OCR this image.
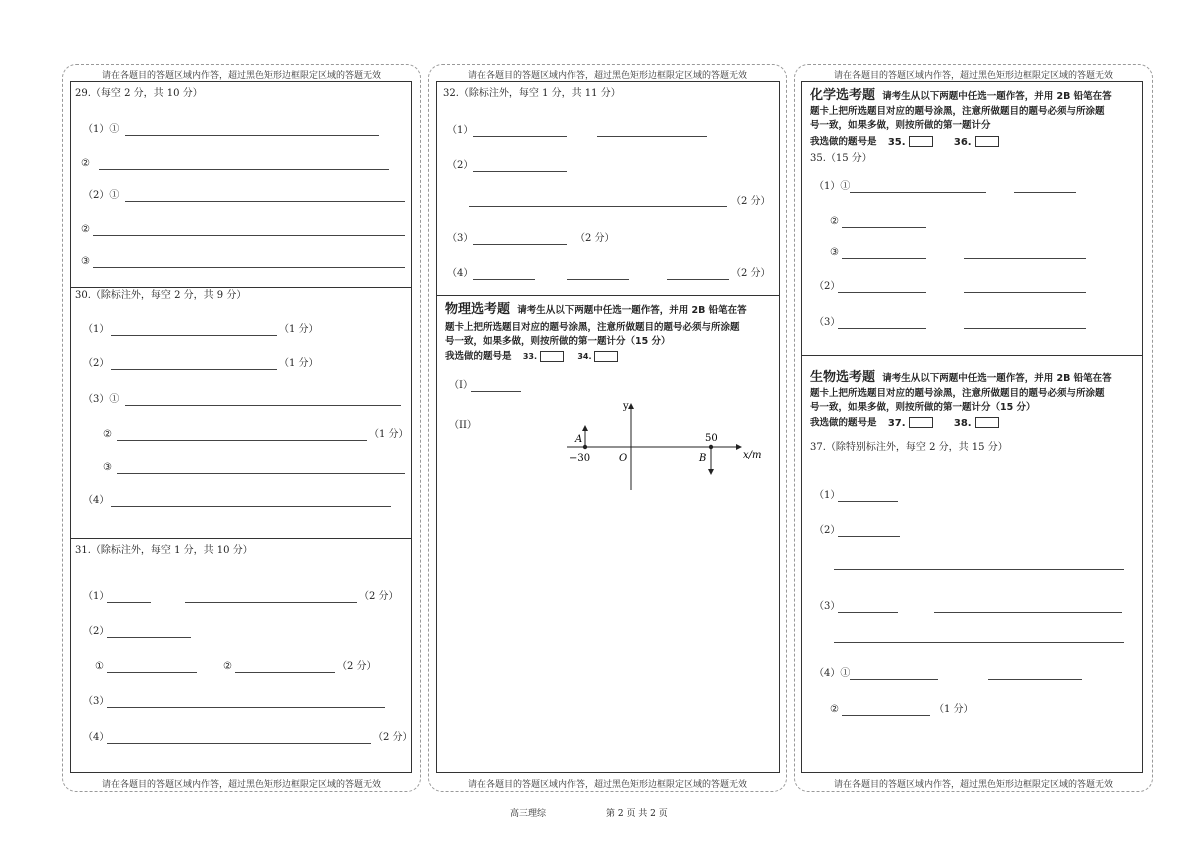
请在各题目的答题区域内作答，超过黑色矩形边框限定区域的答题无效
29.（每空 2 分，共 10 分）
（1）①
②
（2）①
②
③
30.（除标注外，每空 2 分，共 9 分）
（1）	（1 分）
（2）	（1 分）
（3）①
②	（1 分）
③
（4）
31.（除标注外，每空 1 分，共 10 分）
（1）	（2 分）
（2）
①	②	（2 分）
（3）
（4）	（2 分）
请在各题目的答题区域内作答，超过黑色矩形边框限定区域的答题无效
请在各题目的答题区域内作答，超过黑色矩形边框限定区域的答题无效
32.（除标注外，每空 1 分，共 11 分）
（1）
（2）
（2 分）
（3）	（2 分）
（4）	（2 分）
物理选考题 请考生从以下两题中任选一题作答，并用 2B 铅笔在答
题卡上把所选题目对应的题号涂黑，注意所做题目的题号必须与所涂题
号一致，如果多做，则按所做的第一题计分（15 分）
我选做的题号是 33.	34.
（I）
（II）
y
x/m
A
−30	O
50
B
请在各题目的答题区域内作答，超过黑色矩形边框限定区域的答题无效
请在各题目的答题区域内作答，超过黑色矩形边框限定区域的答题无效
化学选考题 请考生从以下两题中任选一题作答，并用 2B 铅笔在答
题卡上把所选题目对应的题号涂黑，注意所做题目的题号必须与所涂题
号一致，如果多做，则按所做的第一题计分
我选做的题号是 35.	36.
35.（15 分）
（1）①
②
③
（2）
（3）
生物选考题 请考生从以下两题中任选一题作答，并用 2B 铅笔在答
题卡上把所选题目对应的题号涂黑，注意所做题目的题号必须与所涂题
号一致，如果多做，则按所做的第一题计分（15 分）
我选做的题号是 37.	38.
37.（除特别标注外，每空 2 分，共 15 分）
（1）
（2）
（3）
（4）①
②	（1 分）
请在各题目的答题区域内作答，超过黑色矩形边框限定区域的答题无效
高三理综	第 2 页 共 2 页
